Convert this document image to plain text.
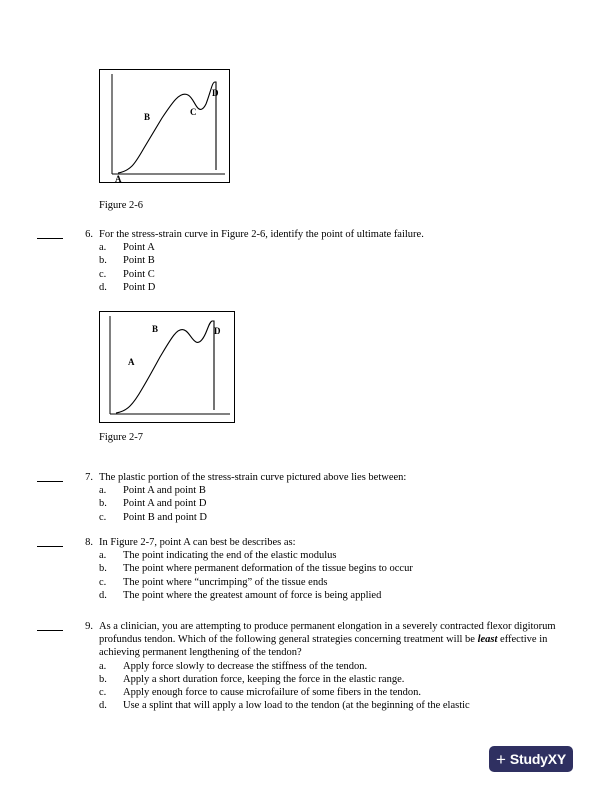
B	C
D
A
Figure 2-6
6. For the stress-strain curve in Figure 2-6, identify the point of ultimate failure.
a.	Point A
b.	Point B
c.	Point C
d.	Point D
B	D
A
Figure 2-7
7. The plastic portion of the stress-strain curve pictured above lies between:
a.	Point A and point B
b.	Point A and point D
c.	Point B and point D
8. In Figure 2-7, point A can best be describes as:
a.	The point indicating the end of the elastic modulus
b.	The point where permanent deformation of the tissue begins to occur
c.	The point where “uncrimping” of the tissue ends
d.	The point where the greatest amount of force is being applied
9. As a clinician, you are attempting to produce permanent elongation in a severely contracted flexor digitorum profundus tendon. Which of the following general strategies concerning treatment will be least effective in achieving permanent lengthening of the tendon?
a.	Apply force slowly to decrease the stiffness of the tendon.
b.	Apply a short duration force, keeping the force in the elastic range.
c.	Apply enough force to cause microfailure of some fibers in the tendon.
d.	Use a splint that will apply a low load to the tendon (at the beginning of the elastic
+ StudyXY
